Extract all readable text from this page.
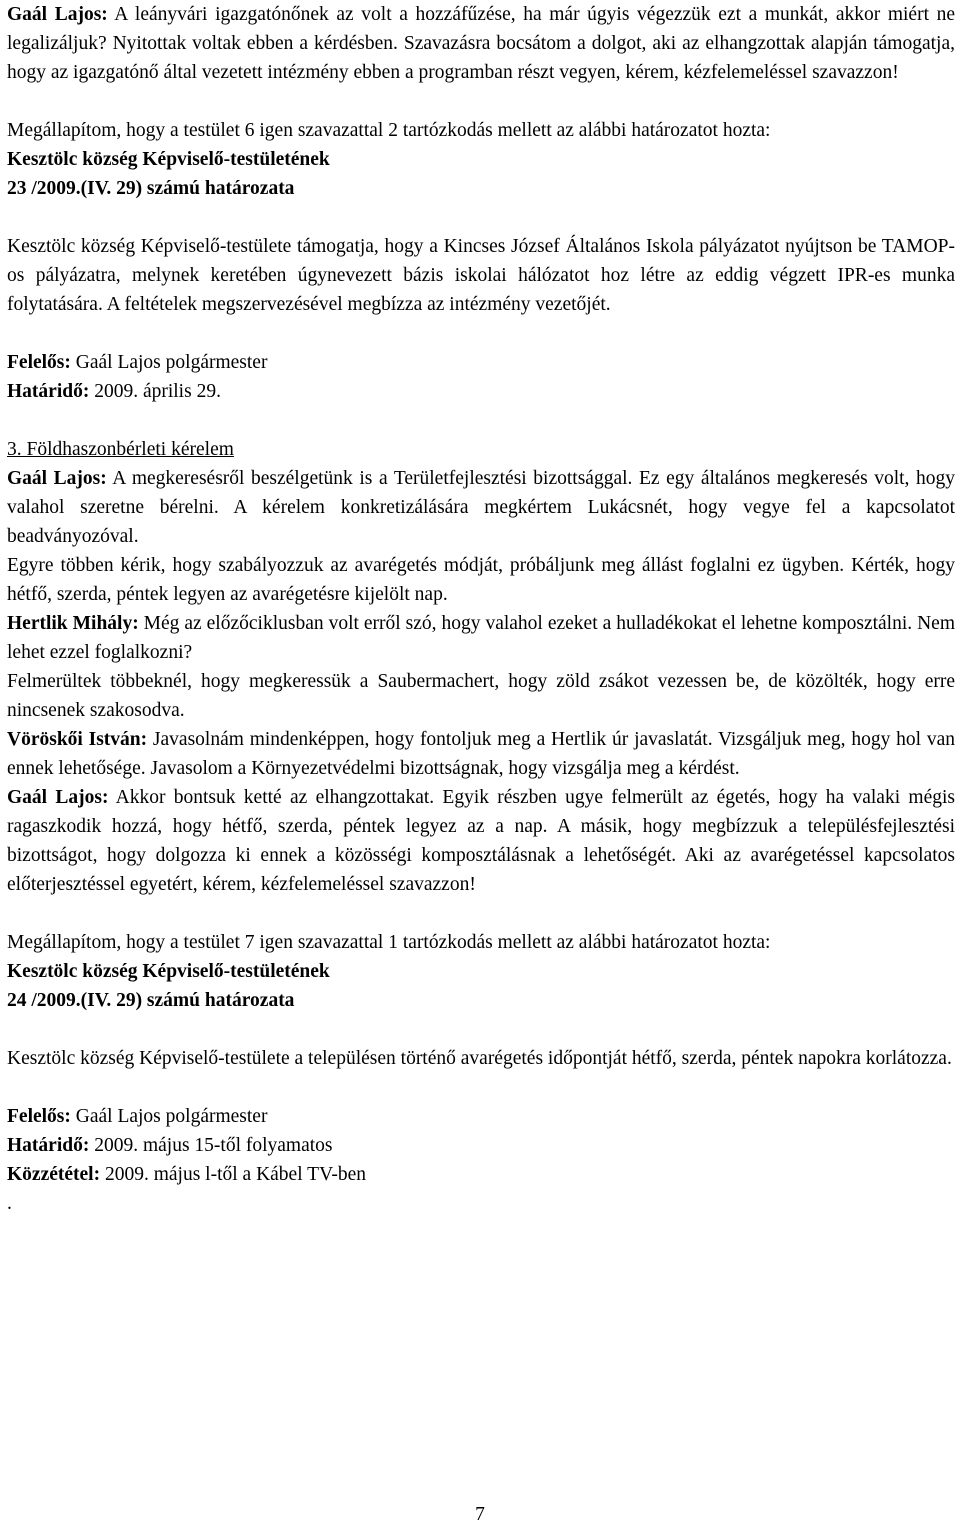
Gaál Lajos: A leányvári igazgatónőnek az volt a hozzáfűzése, ha már úgyis végezzük ezt a munkát, akkor miért ne legalizáljuk? Nyitottak voltak ebben a kérdésben. Szavazásra bocsátom a dolgot, aki az elhangzottak alapján támogatja, hogy az igazgatónő által vezetett intézmény ebben a programban részt vegyen, kérem, kézfelemeléssel szavazzon!

Megállapítom, hogy a testület 6 igen szavazattal 2 tartózkodás mellett az alábbi határozatot hozta:

Kesztölc község Képviselő-testületének

23 /2009.(IV. 29) számú határozata

Kesztölc község Képviselő-testülete támogatja, hogy a Kincses József Általános Iskola pályázatot nyújtson be TAMOP-os pályázatra, melynek keretében úgynevezett bázis iskolai hálózatot hoz létre az eddig végzett IPR-es munka folytatására. A feltételek megszervezésével megbízza az intézmény vezetőjét.

Felelős: Gaál Lajos polgármester

Határidő: 2009. április 29.

3. Földhaszonbérleti kérelem

Gaál Lajos: A megkeresésről beszélgetünk is a Területfejlesztési bizottsággal. Ez egy általános megkeresés volt, hogy valahol szeretne bérelni. A kérelem konkretizálására megkértem Lukácsnét, hogy vegye fel a kapcsolatot beadványozóval.

Egyre többen kérik, hogy szabályozzuk az avarégetés módját, próbáljunk meg állást foglalni ez ügyben. Kérték, hogy hétfő, szerda, péntek legyen az avarégetésre kijelölt nap.

Hertlik Mihály: Még az előzőciklusban volt erről szó, hogy valahol ezeket a hulladékokat el lehetne komposztálni. Nem lehet ezzel foglalkozni?

Felmerültek többeknél, hogy megkeressük a Saubermachert, hogy zöld zsákot vezessen be, de közölték, hogy erre nincsenek szakosodva.

Vörösk​ői István: Javasolnám mindenképpen, hogy fontoljuk meg a Hertlik úr javaslatát. Vizsgáljuk meg, hogy hol van ennek lehetősége. Javasolom a Környezetvédelmi bizottságnak, hogy vizsgálja meg a kérdést.

Gaál Lajos: Akkor bontsuk ketté az elhangzottakat. Egyik részben ugye felmerült az égetés, hogy ha valaki mégis ragaszkodik hozzá, hogy hétfő, szerda, péntek legyez az a nap. A másik, hogy megbízzuk a településfejlesztési bizottságot, hogy dolgozza ki ennek a közösségi komposztálásnak a lehetőségét. Aki az avarégetéssel kapcsolatos előterjesztéssel egyetért, kérem, kézfelemeléssel szavazzon!

Megállapítom, hogy a testület 7 igen szavazattal 1 tartózkodás mellett az alábbi határozatot hozta:

Kesztölc község Képviselő-testületének

24 /2009.(IV. 29) számú határozata

Kesztölc község Képviselő-testülete a településen történő avarégetés időpontját hétfő, szerda, péntek napokra korlátozza.

Felelős: Gaál Lajos polgármester

Határidő: 2009. május 15-től folyamatos

Közzététel: 2009. május l-től a Kábel TV-ben

.

7
